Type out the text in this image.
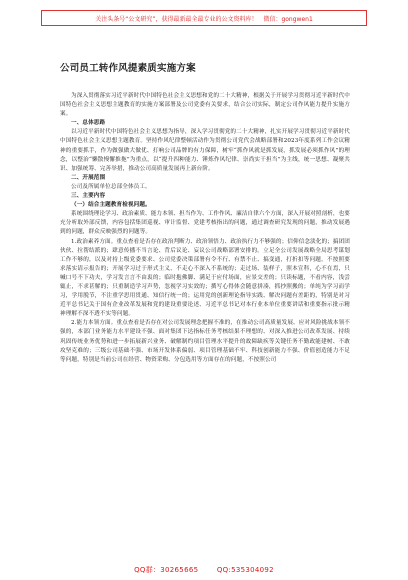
关注头条号“公文研究”，获得最新最全最专业的公文资料库！　微信：gongwen1
公司员工转作风提素质实施方案

为深入贯彻落实习近平新时代中国特色社会主义思想和党的二十大精神，根据关于开展学习贯彻习近平新时代中国特色社会主义思想主题教育的实施方案部署及公司党委有关要求，结合公司实际，制定公司作风能力提升实施方案。

一、总体思路

以习近平新时代中国特色社会主义思想为指导，深入学习贯彻党的二十大精神，扎实开展学习贯彻习近平新时代中国特色社会主义思想主题教育。坚持作风纪律整顿活动作为贯彻公司党代会战略部署和2023年度系列工作会议精神的重要抓手，作为做强做大做优、打响公司品牌的有力保障，树牢“抓作风就是抓发展，抓发展必须抓作风”的理念，以整治“懒散慢懈推拖”为重点，以“提升四种能力、锤炼作风纪律、崇尚实干担当”为主线，统一思想、凝聚共识、加强统筹、完善举措，推动公司高质量发展再上新台阶。

二、开展范围

公司及所属单位总部全体员工。

三、主要内容

（一）结合主题教育检视问题。

系统围绕理论学习、政治素质、能力本领、担当作为、工作作风、廉洁自律六个方面，深入开展对照剖析，也要充分听取外部反馈，内容包括集团巡视、审计监督、党建考核指出的问题，通过调查研究发现的问题，推动发展遇到的问题，群众反映强烈的问题等。

1.政治素养方面。重点查看是否存在政治判断力、政治领悟力、政治执行力不够强的；信仰信念淡化的；搞团团伙伙、拉帮结派的；肆意传播不当言论、背后议论、妄议公司战略部署安排的。立足全公司发展战略全局思考谋划工作不够的，以及对持上级党委要求、公司党委决策部署有令不行、有禁不止、搞变通，打折扣等问题。不按照要求落实请示报告的；开展学习过于形式主义、不走心不深入不系统的；走过场、装样子，照本宣科，心不在焉，只喊口号不下功夫，学习发言言不由衷的；临时抱佛脚、满足于应付场面，应景交差的；只读标题，不看内容，浅尝辄止，不求甚解的；只重制造学习声势，忽视学习实效的；撰写心得体会随意拼凑，抓抄照搬的；单纯为学习而学习，学用脱节，不注重学思用贯通、知信行统一的；运用党的创新理论指导实践、解决问题有差距的，特别是对习近平总书记关于国有企业改革发展和党的建设重要论述、习近平总书记对本行业本单位重要讲话和重要指示批示精神理解不深不透不实等问题。

2.能力本领方面。重点查看是否存在对公司发展理念把握不准的，在推动公司高质量发展、应对风险挑战本领不强的，本部门业务能力水平建设不强、面对集团下达指标任务考核结果不理想的、对深入推进公司改革发展、持续巩固传统业务优势和进一步拓展新兴业务、破解制约项目管理水平提升的故障缺疾等关键任务不勤政能建树、不敢攻坚克难的；三级公司基础不强、市场开发体系偏弱、项目管理基础不牢、科技创新能力不强、价值创造能力不足等问题，特别是当前公司在经营、物资采购、分包选用等方面存在的问题，不按照公司

QQ群：30265665	QQ:535304092
